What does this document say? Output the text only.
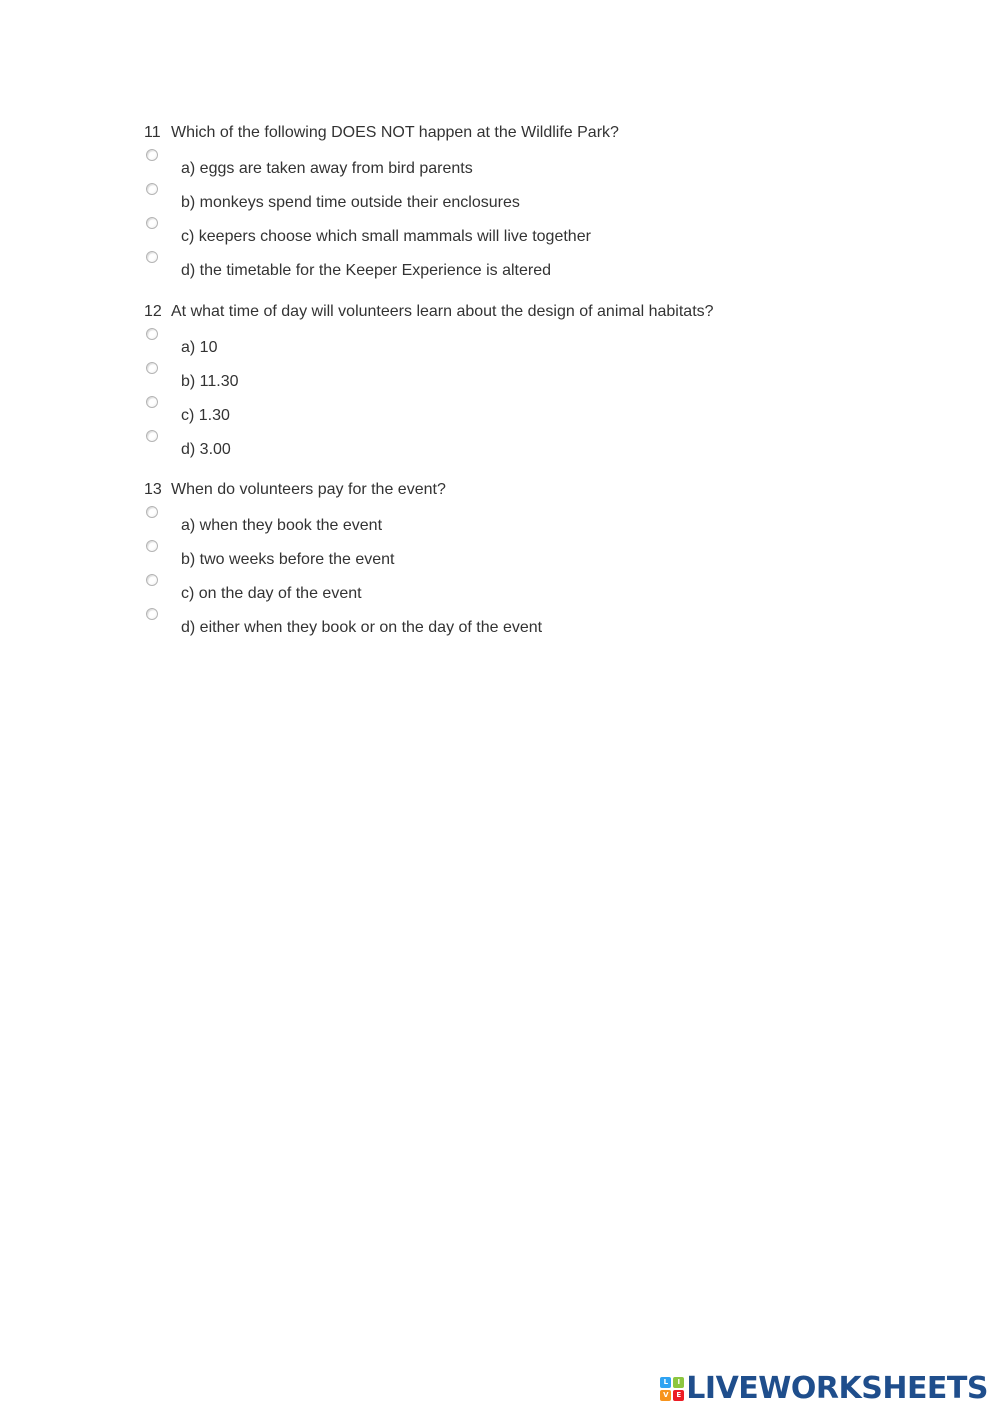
11 Which of the following DOES NOT happen at the Wildlife Park?
a) eggs are taken away from bird parents
b) monkeys spend time outside their enclosures
c) keepers choose which small mammals will live together
d) the timetable for the Keeper Experience is altered
12 At what time of day will volunteers learn about the design of animal habitats?
a) 10
b) 11.30
c) 1.30
d) 3.00
13 When do volunteers pay for the event?
a) when they book the event
b) two weeks before the event
c) on the day of the event
d) either when they book or on the day of the event
L	I
V	E LIVEWORKSHEETS
